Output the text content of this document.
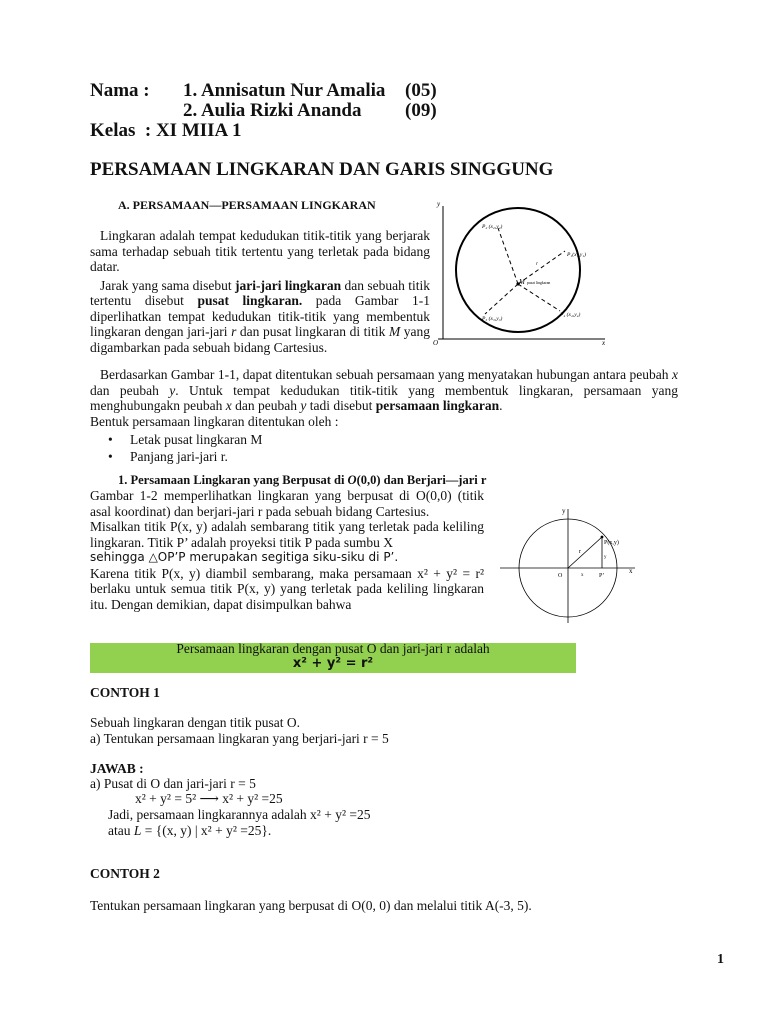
Nama : 1. Annisatun Nur Amalia (05)
2. Aulia Rizki Ananda (09)
Kelas  : XI MIIA 1
PERSAMAAN LINGKARAN DAN GARIS SINGGUNG
A. PERSAMAAN—PERSAMAAN LINGKARAN

Lingkaran adalah tempat kedudukan titik-titik yang berjarak sama terhadap sebuah titik tertentu yang terletak pada bidang datar.

Jarak yang sama disebut jari-jari lingkaran dan sebuah titik tertentu disebut pusat lingkaran. pada Gambar 1-1 diperlihatkan tempat kedudukan titik-titik yang membentuk lingkaran dengan jari-jari r dan pusat lingkaran di titik M yang digambarkan pada sebuah bidang Cartesius.

y
x
O
P₂ (x₂,y₂)
P₁(x₁,y₁)
P₃ (x₃,y₃)
P₄ (x₄,y₄)
M pusat lingkaran
r

Berdasarkan Gambar 1-1, dapat ditentukan sebuah persamaan yang menyatakan hubungan antara peubah x dan peubah y. Untuk tempat kedudukan titik-titik yang membentuk lingkaran, persamaan yang menghubungakn peubah x dan peubah y tadi disebut persamaan lingkaran.

Bentuk persamaan lingkaran ditentukan oleh :

• Letak pusat lingkaran M
• Panjang jari-jari r.
1. Persamaan Lingkaran yang Berpusat di O(0,0) dan Berjari—jari r

Gambar 1-2 memperlihatkan lingkaran yang berpusat di O(0,0) (titik asal koordinat) dan berjari-jari r pada sebuah bidang Cartesius.

Misalkan titik P(x, y) adalah sembarang titik yang terletak pada keliling lingkaran. Titik P’ adalah proyeksi titik P pada sumbu X

sehingga △OP’P merupakan segitiga siku-siku di P’.

Karena titik P(x, y) diambil sembarang, maka persamaan x² + y² = r² berlaku untuk semua titik P(x, y) yang terletak pada keliling lingkaran itu. Dengan demikian, dapat disimpulkan bahwa

y
x
O
P(x,y)
P’
r
y
x
Persamaan lingkaran dengan pusat O dan jari-jari r adalah
x² + y² = r²
CONTOH 1
Sebuah lingkaran dengan titik pusat O.
a) Tentukan persamaan lingkaran yang berjari-jari r = 5
JAWAB :
a) Pusat di O dan jari-jari r = 5
x² + y² = 5² ⟶ x² + y² =25
Jadi, persamaan lingkarannya adalah x² + y² =25
atau L = {(x, y) | x² + y² =25}.
CONTOH 2
Tentukan persamaan lingkaran yang berpusat di O(0, 0) dan melalui titik A(-3, 5).
1
